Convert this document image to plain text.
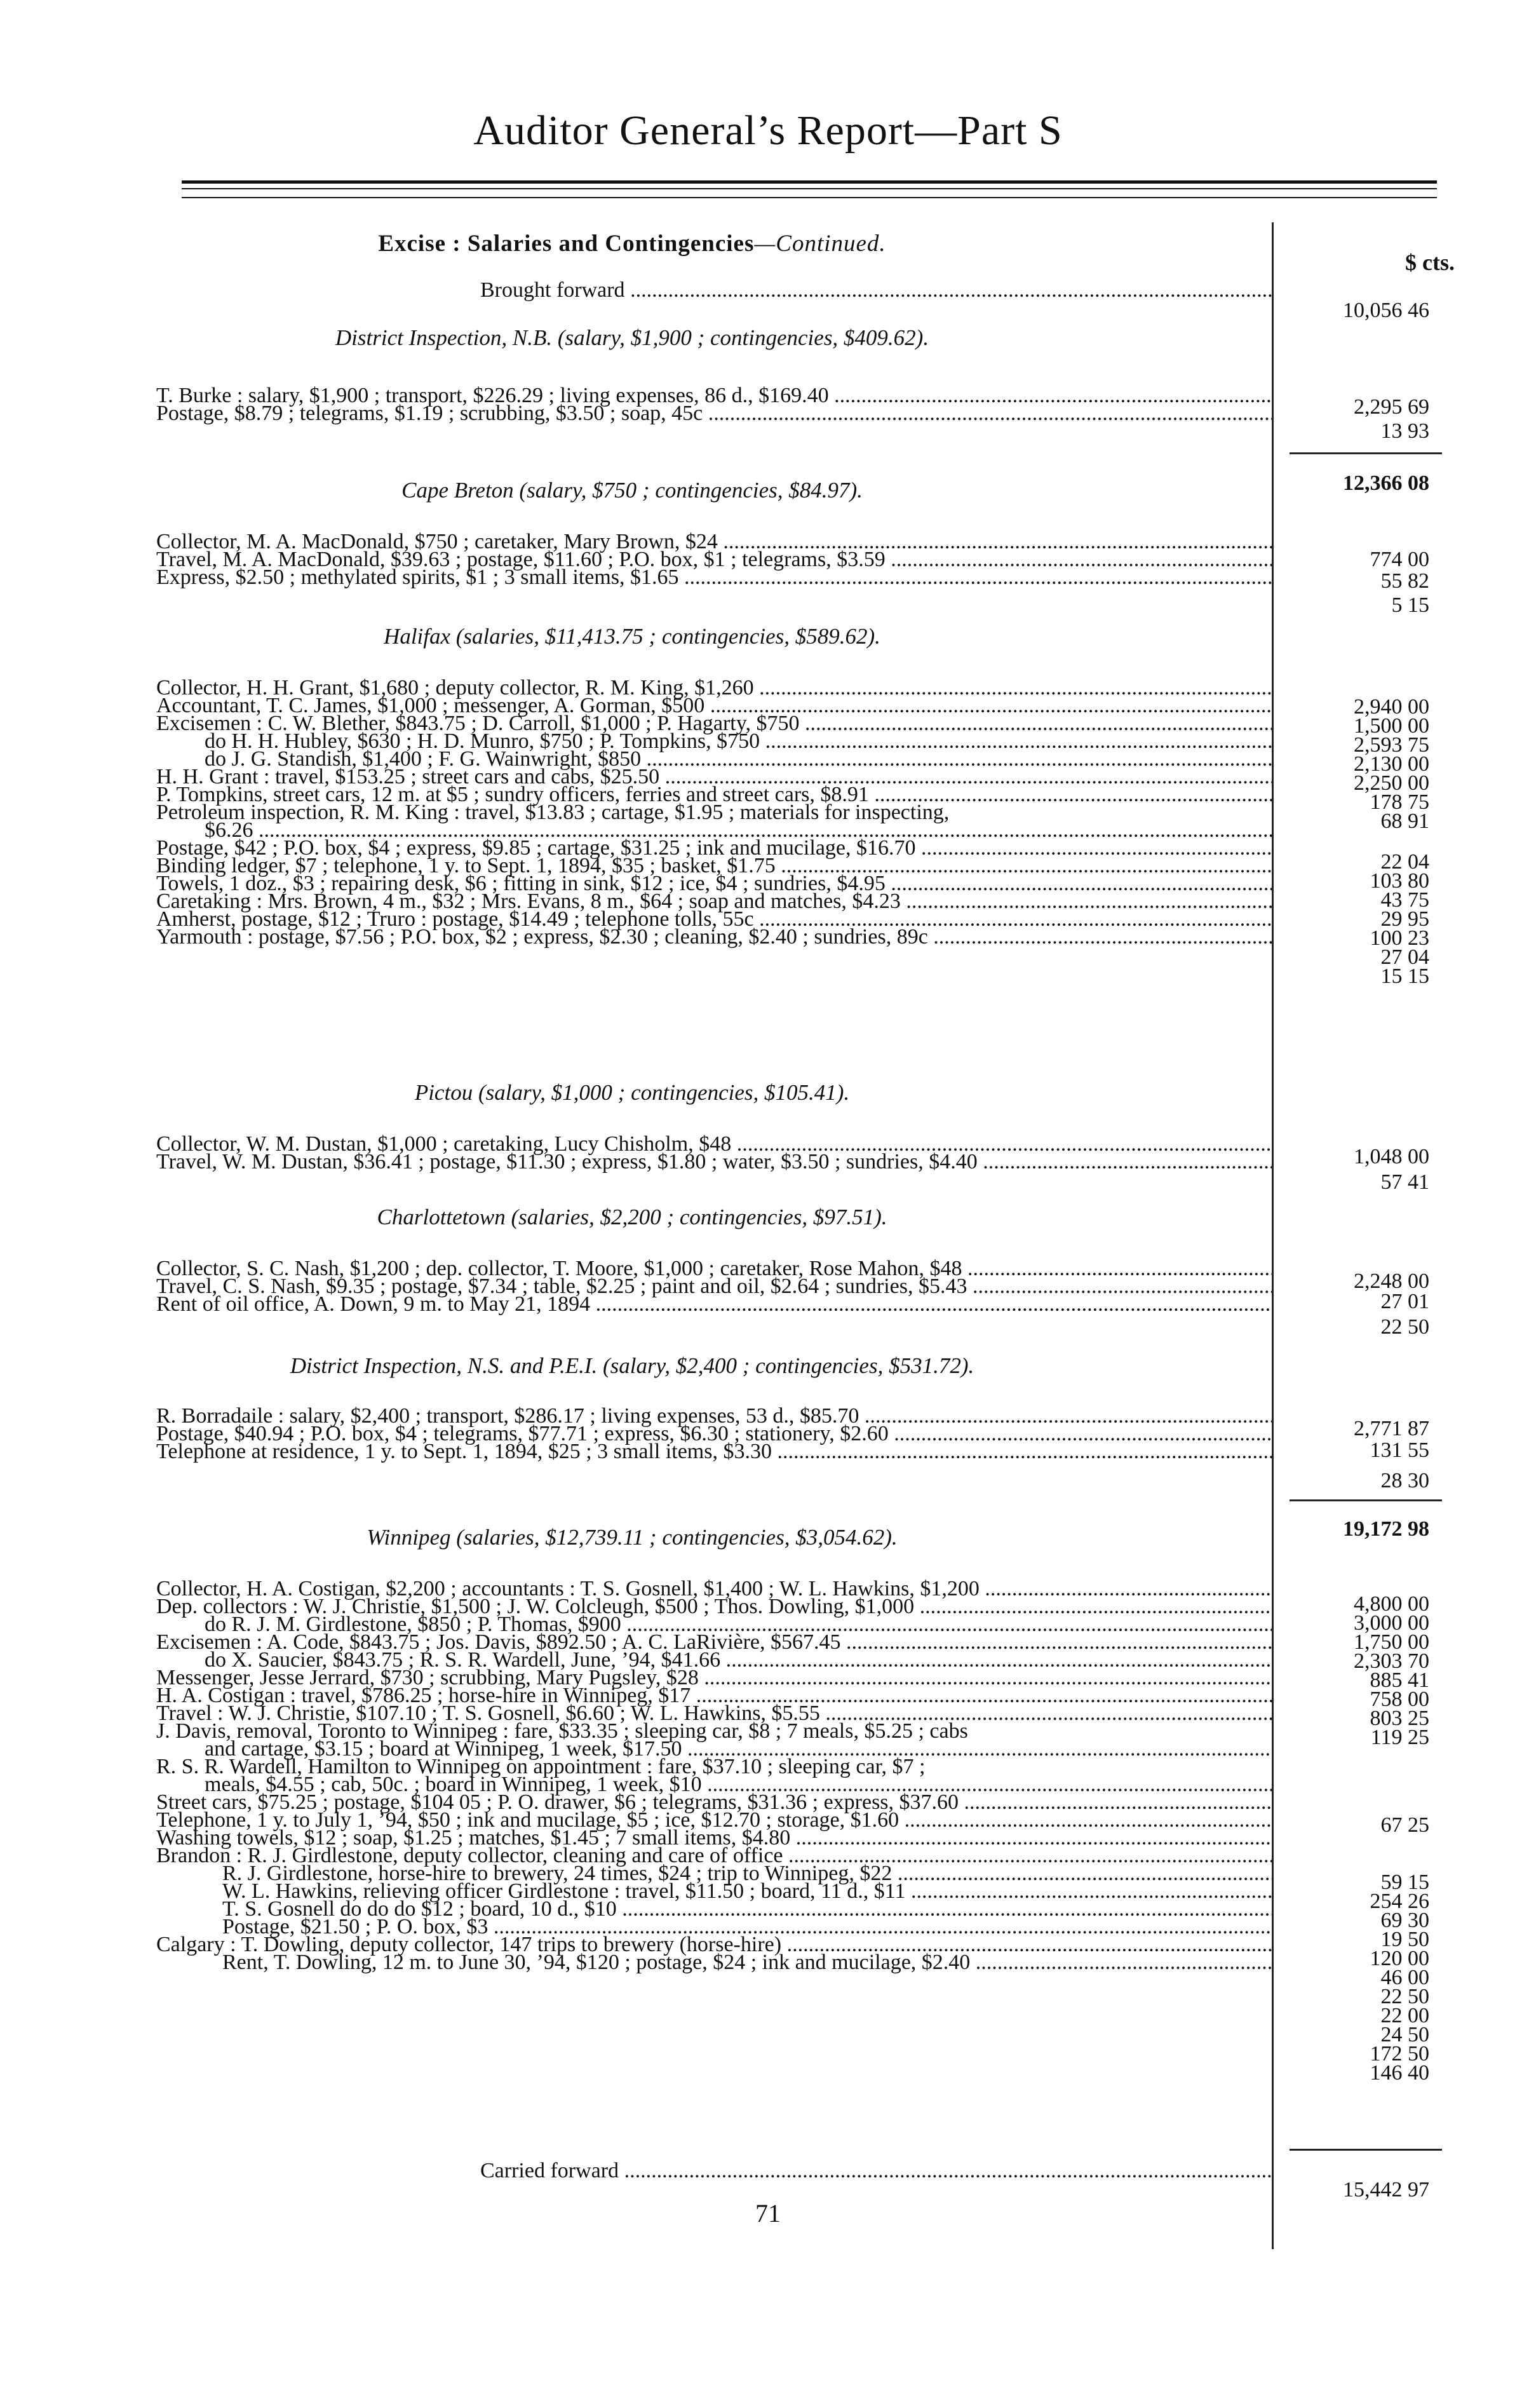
Auditor General’s Report—Part S
Excise : Salaries and Contingencies—Continued.
$ cts.
Brought forward .....
10,056 46
District Inspection, N.B. (salary, $1,900 ; contingencies, $409.62).
T. Burke : salary, $1,900 ; transport, $226.29 ; living expenses, 86 d., $169.40 .....	2,295 69
Postage, $8.79 ; telegrams, $1.19 ; scrubbing, $3.50 ; soap, 45c .....
13 93
12,366 08
Cape Breton (salary, $750 ; contingencies, $84.97).
Collector, M. A. MacDonald, $750 ; caretaker, Mary Brown, $24 .....
774 00
Travel, M. A. MacDonald, $39.63 ; postage, $11.60 ; P.O. box, $1 ; telegrams, $3.59 .....
55 82
Express, $2.50 ; methylated spirits, $1 ; 3 small items, $1.65 .....
5 15
Halifax (salaries, $11,413.75 ; contingencies, $589.62).
Collector, H. H. Grant, $1,680 ; deputy collector, R. M. King, $1,260 .....
2,940 00
Accountant, T. C. James, $1,000 ; messenger, A. Gorman, $500 .....
1,500 00
Excisemen : C. W. Blether, $843.75 ; D. Carroll, $1,000 ; P. Hagarty, $750 .....
2,593 75
do H. H. Hubley, $630 ; H. D. Munro, $750 ; P. Tompkins, $750 .....
2,130 00
do J. G. Standish, $1,400 ; F. G. Wainwright, $850 .....
2,250 00
H. H. Grant : travel, $153.25 ; street cars and cabs, $25.50 .....
178 75
P. Tompkins, street cars, 12 m. at $5 ; sundry officers, ferries and street cars, $8.91 .....
68 91
Petroleum inspection, R. M. King : travel, $13.83 ; cartage, $1.95 ; materials for inspecting,
$6.26 .....
22 04
Postage, $42 ; P.O. box, $4 ; express, $9.85 ; cartage, $31.25 ; ink and mucilage, $16.70 .....
103 80
Binding ledger, $7 ; telephone, 1 y. to Sept. 1, 1894, $35 ; basket, $1.75 .....
43 75
Towels, 1 doz., $3 ; repairing desk, $6 ; fitting in sink, $12 ; ice, $4 ; sundries, $4.95 .....
29 95
Caretaking : Mrs. Brown, 4 m., $32 ; Mrs. Evans, 8 m., $64 ; soap and matches, $4.23 .....
100 23
Amherst, postage, $12 ; Truro : postage, $14.49 ; telephone tolls, 55c .....
27 04
Yarmouth : postage, $7.56 ; P.O. box, $2 ; express, $2.30 ; cleaning, $2.40 ; sundries, 89c .....
15 15
Pictou (salary, $1,000 ; contingencies, $105.41).
Collector, W. M. Dustan, $1,000 ; caretaking, Lucy Chisholm, $48 .....
1,048 00
Travel, W. M. Dustan, $36.41 ; postage, $11.30 ; express, $1.80 ; water, $3.50 ; sundries, $4.40 .....
57 41
Charlottetown (salaries, $2,200 ; contingencies, $97.51).
Collector, S. C. Nash, $1,200 ; dep. collector, T. Moore, $1,000 ; caretaker, Rose Mahon, $48 .....
2,248 00
Travel, C. S. Nash, $9.35 ; postage, $7.34 ; table, $2.25 ; paint and oil, $2.64 ; sundries, $5.43 .....
27 01
Rent of oil office, A. Down, 9 m. to May 21, 1894 .....
22 50
District Inspection, N.S. and P.E.I. (salary, $2,400 ; contingencies, $531.72).
R. Borradaile : salary, $2,400 ; transport, $286.17 ; living expenses, 53 d., $85.70 .....
2,771 87
Postage, $40.94 ; P.O. box, $4 ; telegrams, $77.71 ; express, $6.30 ; stationery, $2.60 .....
131 55
Telephone at residence, 1 y. to Sept. 1, 1894, $25 ; 3 small items, $3.30 .....
28 30
19,172 98
Winnipeg (salaries, $12,739.11 ; contingencies, $3,054.62).
Collector, H. A. Costigan, $2,200 ; accountants : T. S. Gosnell, $1,400 ; W. L. Hawkins, $1,200 .....
4,800 00
Dep. collectors : W. J. Christie, $1,500 ; J. W. Colcleugh, $500 ; Thos. Dowling, $1,000 .....
3,000 00
do R. J. M. Girdlestone, $850 ; P. Thomas, $900 .....
1,750 00
Excisemen : A. Code, $843.75 ; Jos. Davis, $892.50 ; A. C. LaRivière, $567.45 .....
2,303 70
do X. Saucier, $843.75 ; R. S. R. Wardell, June, ’94, $41.66 .....
885 41
Messenger, Jesse Jerrard, $730 ; scrubbing, Mary Pugsley, $28 .....
758 00
H. A. Costigan : travel, $786.25 ; horse-hire in Winnipeg, $17 .....
803 25
Travel : W. J. Christie, $107.10 ; T. S. Gosnell, $6.60 ; W. L. Hawkins, $5.55 .....
119 25
J. Davis, removal, Toronto to Winnipeg : fare, $33.35 ; sleeping car, $8 ; 7 meals, $5.25 ; cabs
and cartage, $3.15 ; board at Winnipeg, 1 week, $17.50 .....
67 25
R. S. R. Wardell, Hamilton to Winnipeg on appointment : fare, $37.10 ; sleeping car, $7 ;
meals, $4.55 ; cab, 50c. ; board in Winnipeg, 1 week, $10 .....
59 15
Street cars, $75.25 ; postage, $104 05 ; P. O. drawer, $6 ; telegrams, $31.36 ; express, $37.60 .....
254 26
Telephone, 1 y. to July 1, ’94, $50 ; ink and mucilage, $5 ; ice, $12.70 ; storage, $1.60 .....
69 30
Washing towels, $12 ; soap, $1.25 ; matches, $1.45 ; 7 small items, $4.80 .....
19 50
Brandon : R. J. Girdlestone, deputy collector, cleaning and care of office .....
120 00
R. J. Girdlestone, horse-hire to brewery, 24 times, $24 ; trip to Winnipeg, $22 .....
46 00
W. L. Hawkins, relieving officer Girdlestone : travel, $11.50 ; board, 11 d., $11 .....
22 50
T. S. Gosnell do do do $12 ; board, 10 d., $10 .....
22 00
Postage, $21.50 ; P. O. box, $3 .....
24 50
Calgary : T. Dowling, deputy collector, 147 trips to brewery (horse-hire) .....
172 50
Rent, T. Dowling, 12 m. to June 30, ’94, $120 ; postage, $24 ; ink and mucilage, $2.40 .....
146 40
Carried forward .....
15,442 97
71
